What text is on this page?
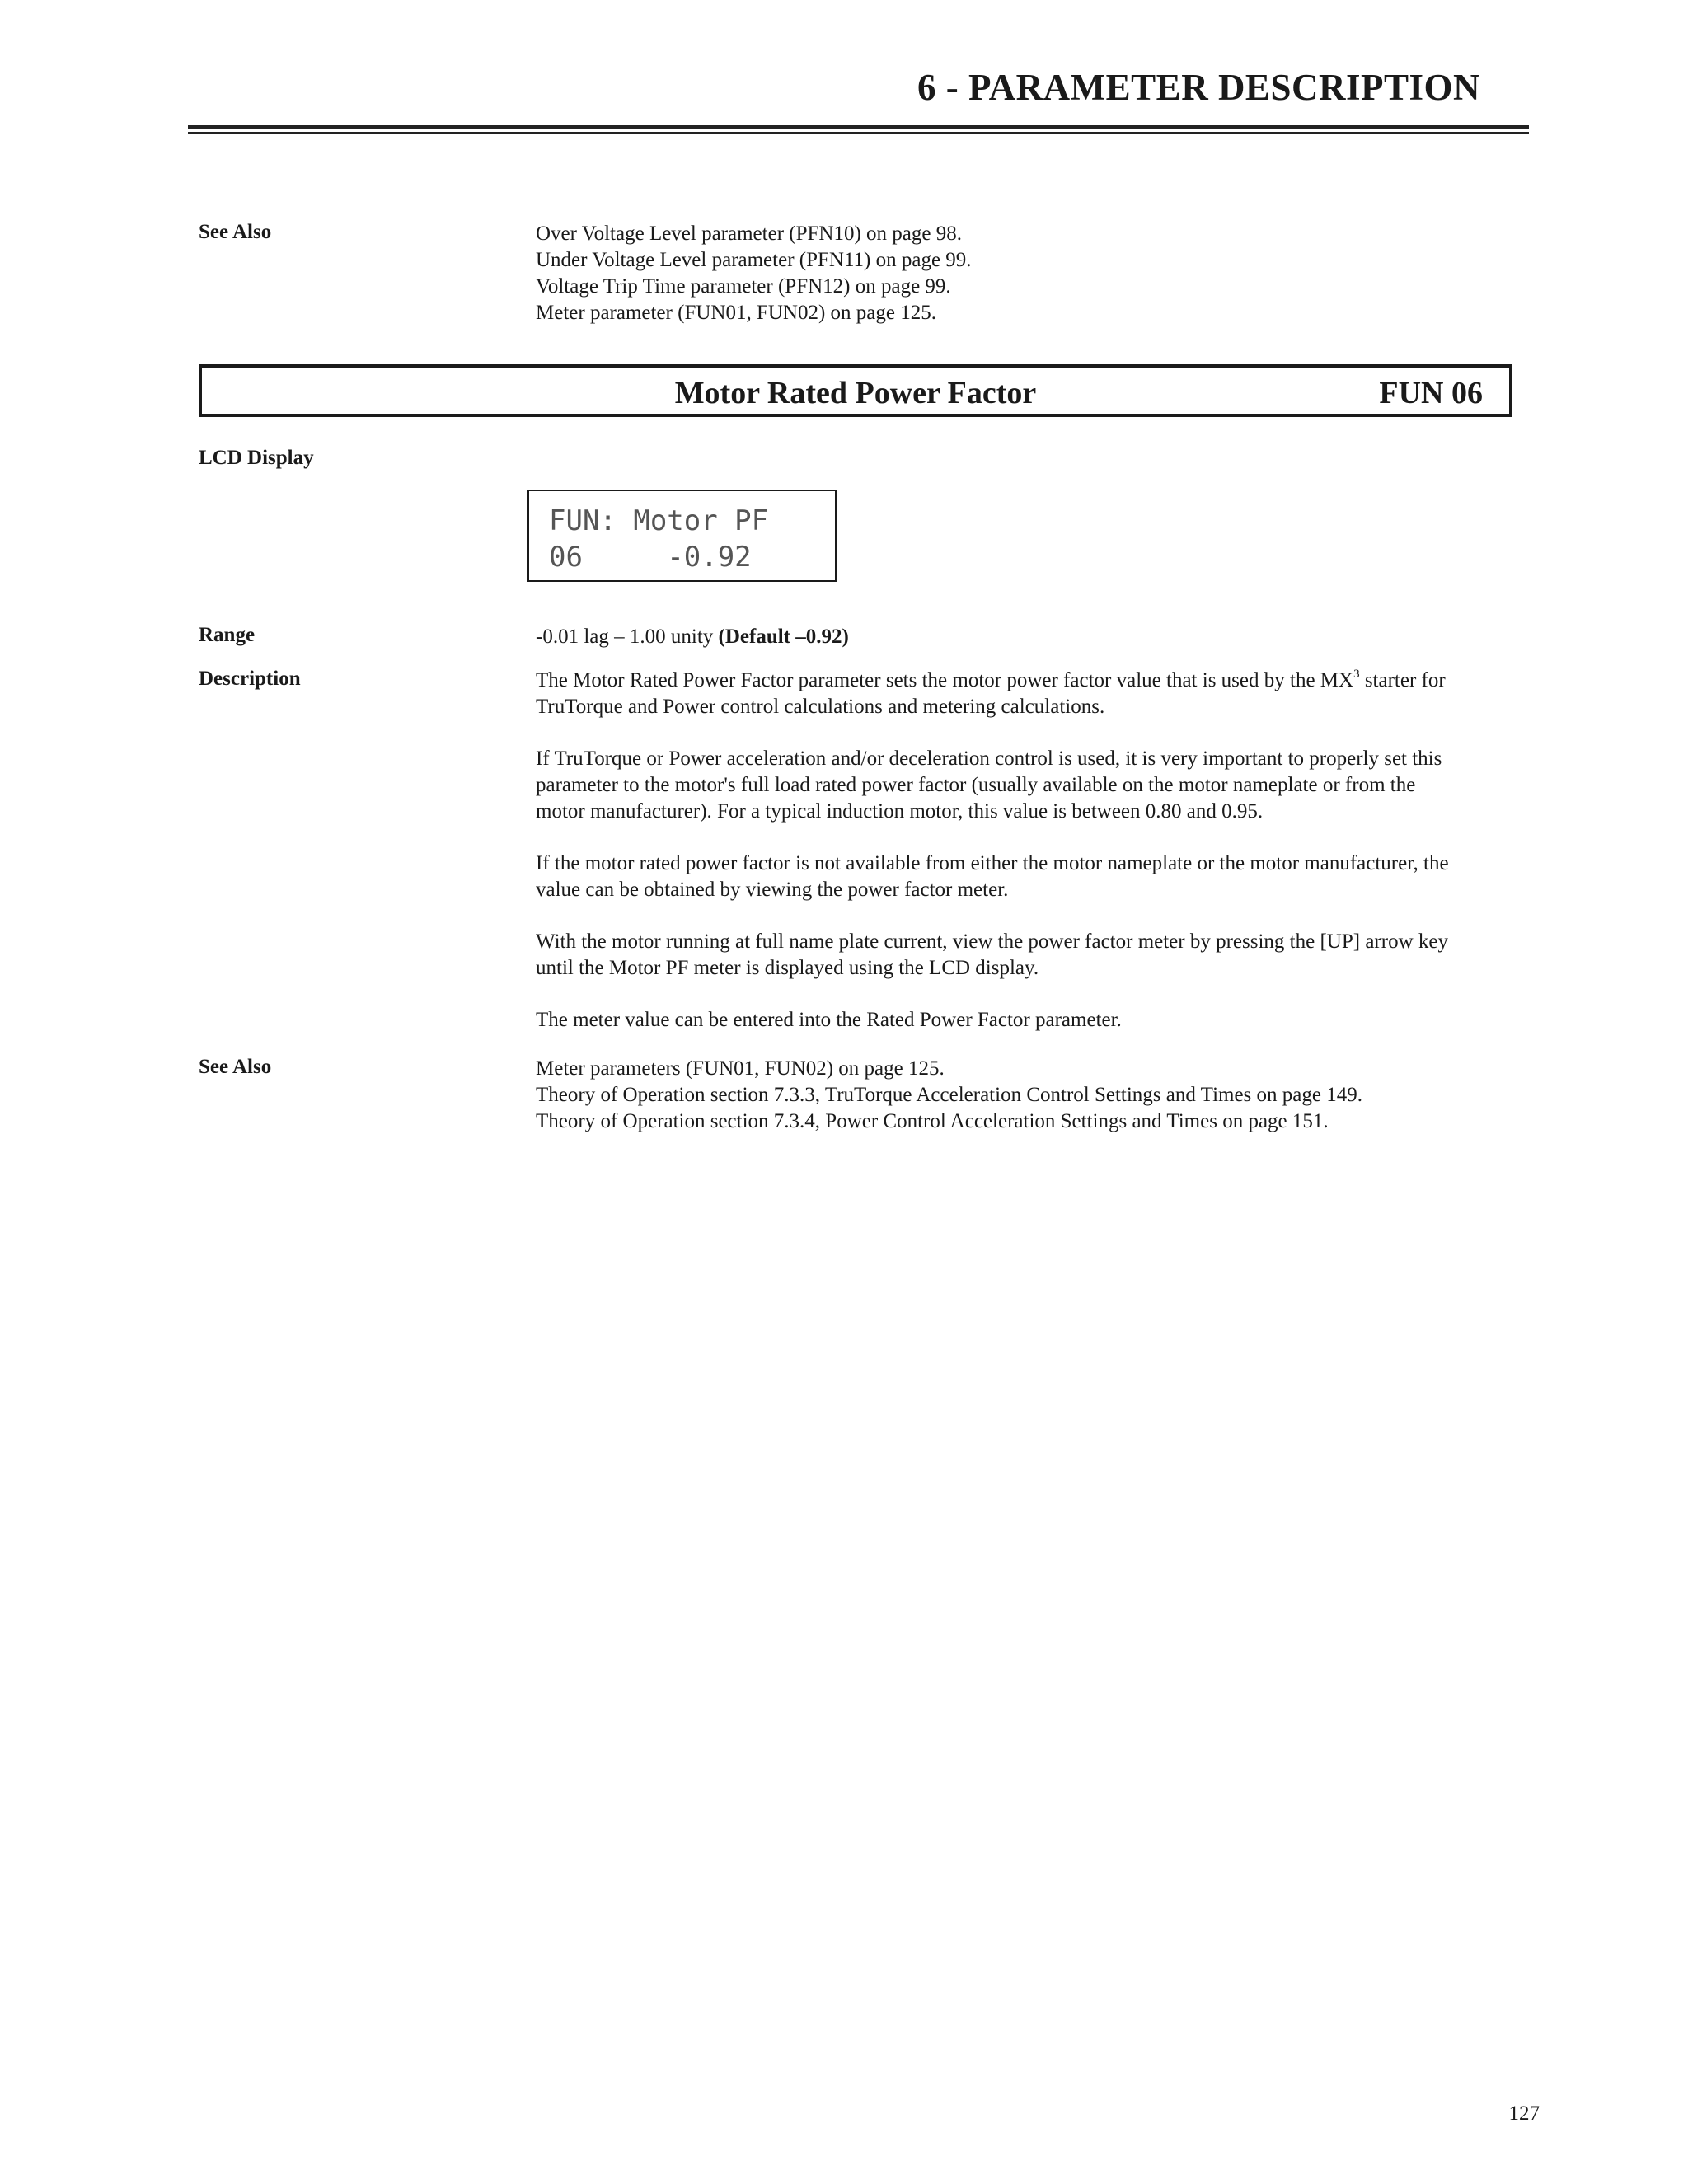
6 - PARAMETER DESCRIPTION
See Also	Over Voltage Level parameter (PFN10) on page 98.
Under Voltage Level parameter (PFN11) on page 99.
Voltage Trip Time parameter (PFN12) on page 99.
Meter parameter (FUN01, FUN02) on page 125.
Motor Rated Power Factor	FUN 06
LCD Display
FUN: Motor PF
06     -0.92
Range	-0.01 lag – 1.00 unity (Default –0.92)
Description	The Motor Rated Power Factor parameter sets the motor power factor value that is used by the $MX^3$ starter for
TruTorque and Power control calculations and metering calculations.
If TruTorque or Power acceleration and/or deceleration control is used, it is very important to properly set this
parameter to the motor's full load rated power factor (usually available on the motor nameplate or from the
motor manufacturer). For a typical induction motor, this value is between 0.80 and 0.95.
If the motor rated power factor is not available from either the motor nameplate or the motor manufacturer, the
value can be obtained by viewing the power factor meter.
With the motor running at full name plate current, view the power factor meter by pressing the [UP] arrow key
until the Motor PF meter is displayed using the LCD display.
The meter value can be entered into the Rated Power Factor parameter.
See Also	Meter parameters (FUN01, FUN02) on page 125.
Theory of Operation section 7.3.3, TruTorque Acceleration Control Settings and Times on page 149.
Theory of Operation section 7.3.4, Power Control Acceleration Settings and Times on page 151.
127
